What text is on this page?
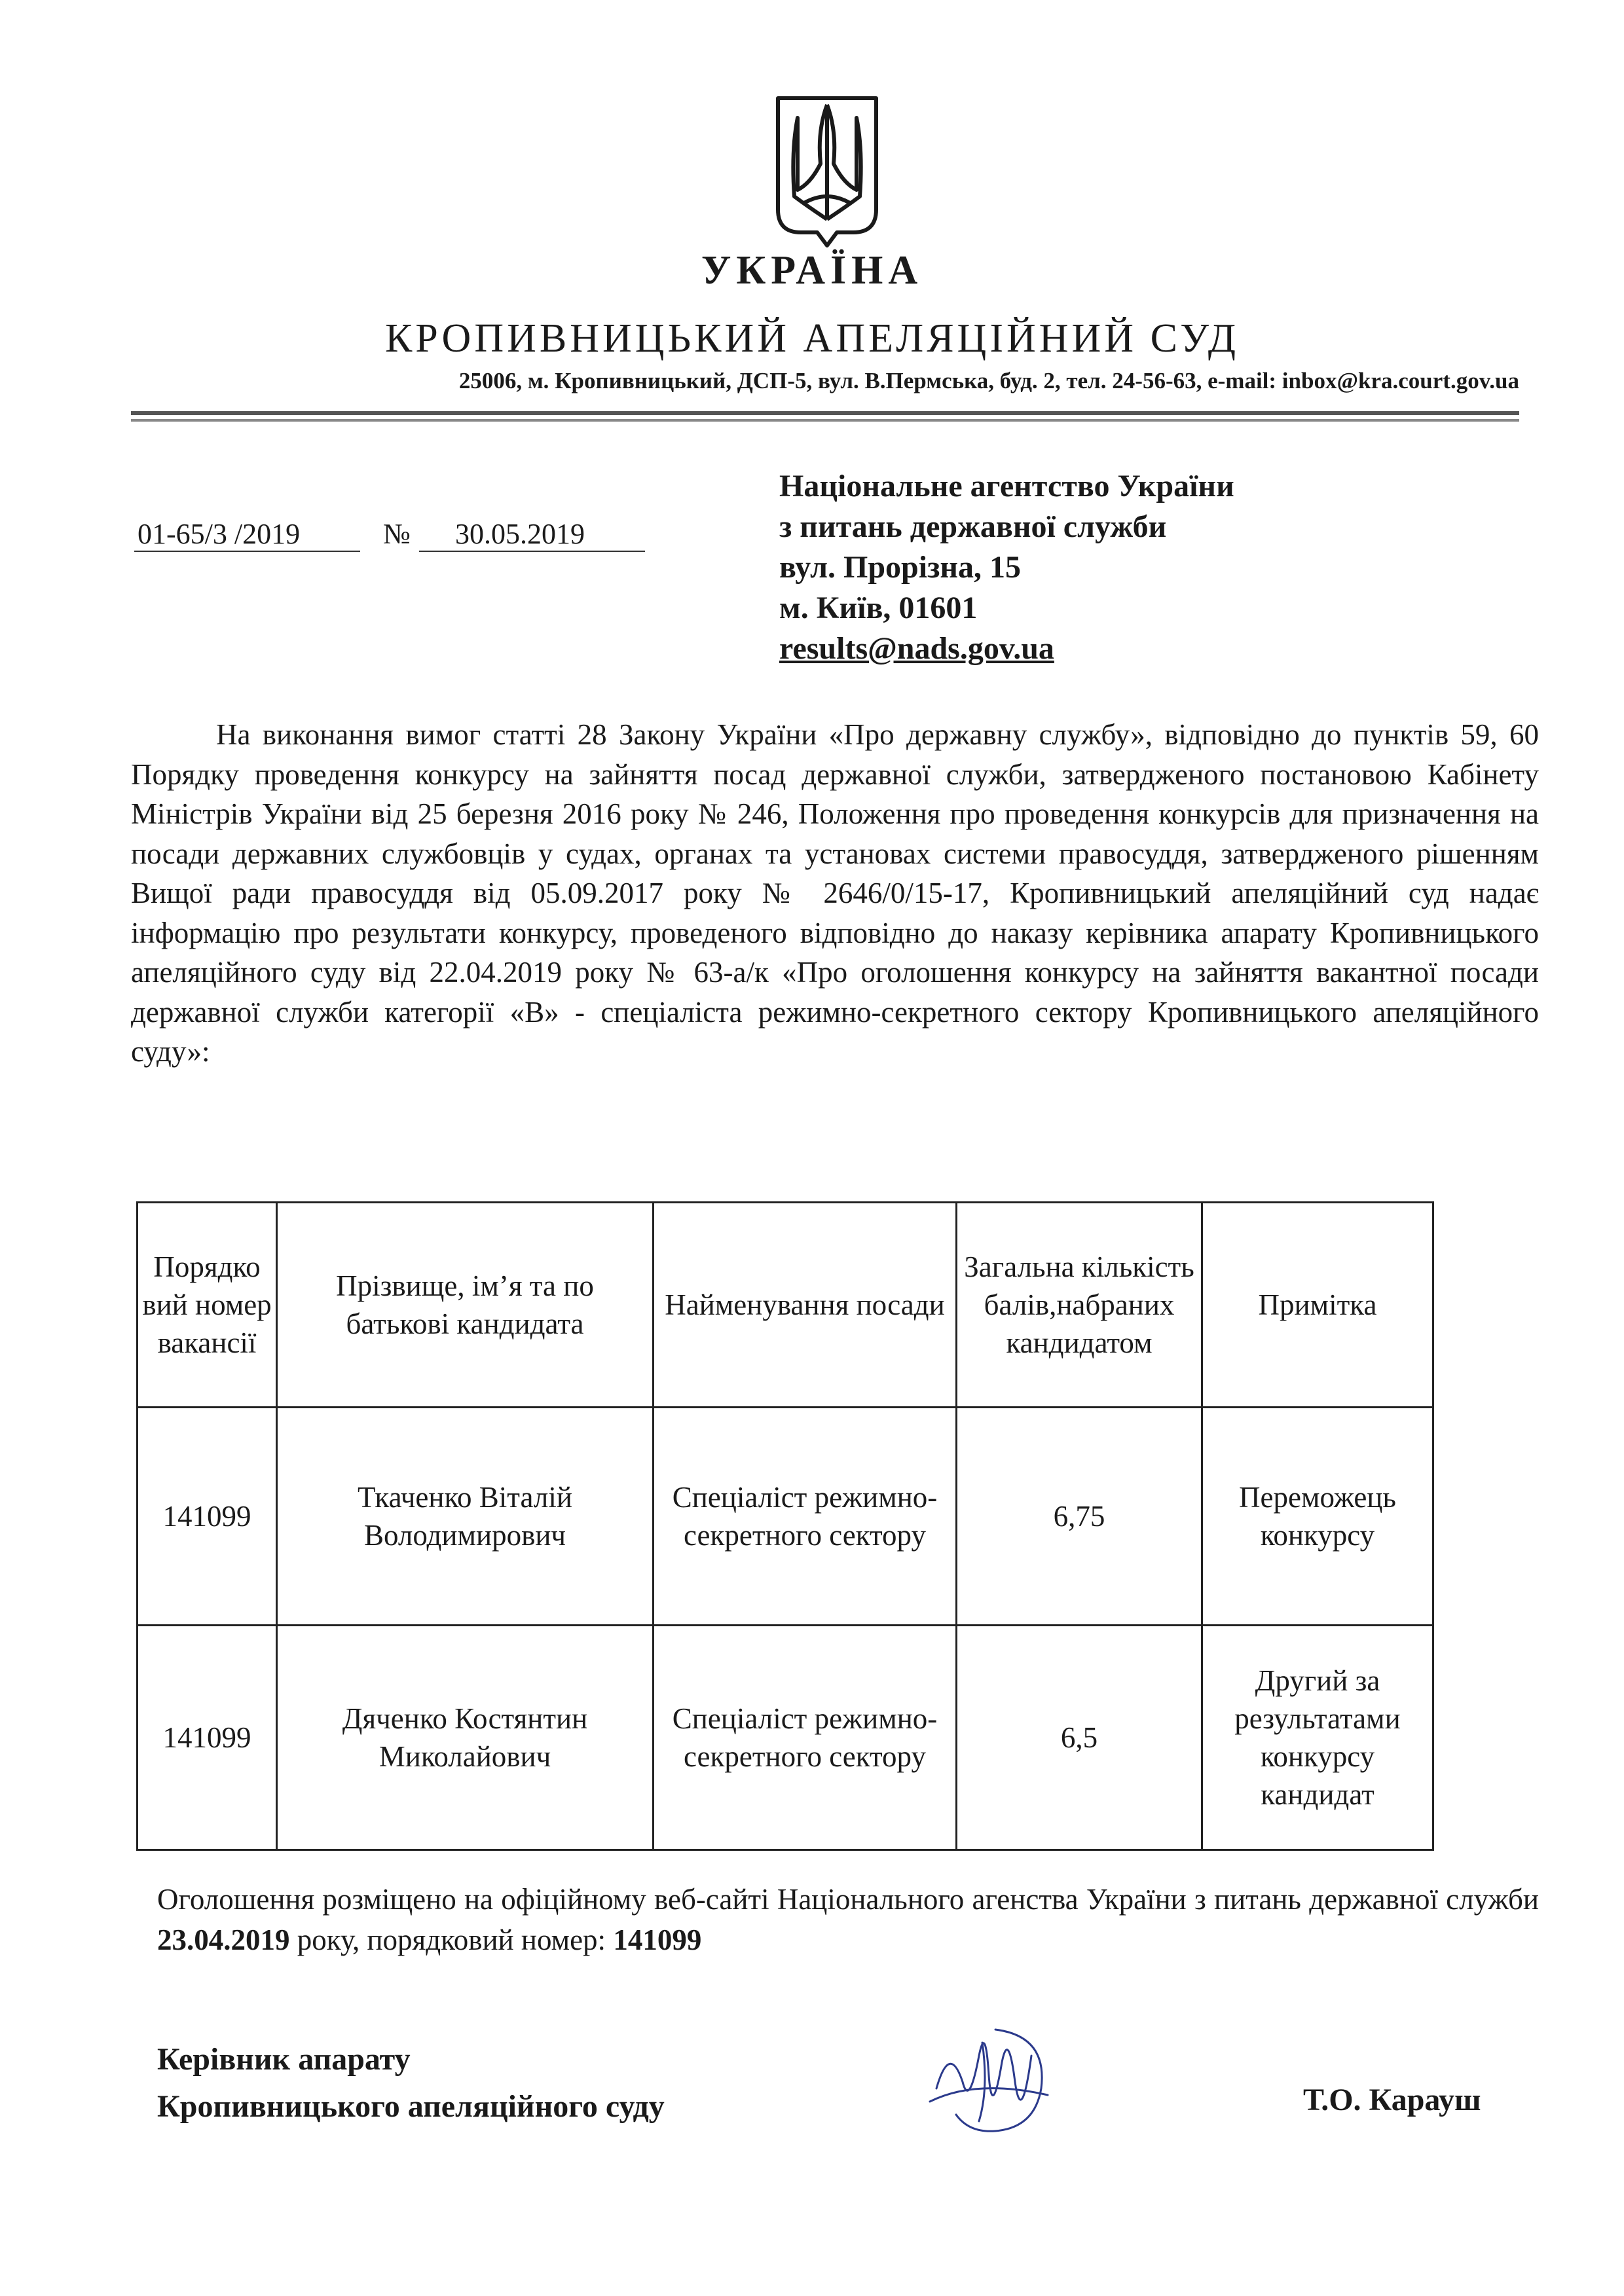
УКРАЇНА
КРОПИВНИЦЬКИЙ АПЕЛЯЦІЙНИЙ СУД
25006, м. Кропивницький, ДСП-5, вул. В.Пермська, буд. 2, тел. 24-56-63, e-mail: inbox@kra.court.gov.ua
01-65/3 /2019	№	30.05.2019
Національне агентство України
з питань державної служби
вул. Прорізна, 15
м. Київ, 01601
results@nads.gov.ua
На виконання вимог статті 28 Закону України «Про державну службу», відповідно до пунктів 59, 60 Порядку проведення конкурсу на зайняття посад державної служби, затвердженого постановою Кабінету Міністрів України від 25 березня 2016 року № 246, Положення про проведення конкурсів для призначення на посади державних службовців у судах, органах та установах системи правосуддя, затвердженого рішенням Вищої ради правосуддя від 05.09.2017 року № 2646/0/15-17, Кропивницький апеляційний суд надає інформацію про результати конкурсу, проведеного відповідно до наказу керівника апарату Кропивницького апеляційного суду від 22.04.2019 року № 63-а/к «Про оголошення конкурсу на зайняття вакантної посади державної служби категорії «В» - спеціаліста режимно-секретного сектору Кропивницького апеляційного суду»:
Порядко вий номер вакансії	Прізвище, ім’я та по батькові кандидата	Найменування посади	Загальна кількість балів,набраних кандидатом	Примітка
141099	Ткаченко Віталій Володимирович	Спеціаліст режимно-секретного сектору	6,75	Переможець конкурсу
141099	Дяченко Костянтин Миколайович	Спеціаліст режимно-секретного сектору	6,5	Другий за результатами конкурсу кандидат
Оголошення розміщено на офіційному веб-сайті Національного агенства України з питань державної служби 23.04.2019 року, порядковий номер: 141099
Керівник апарату
Кропивницького апеляційного суду	Т.О. Карауш
